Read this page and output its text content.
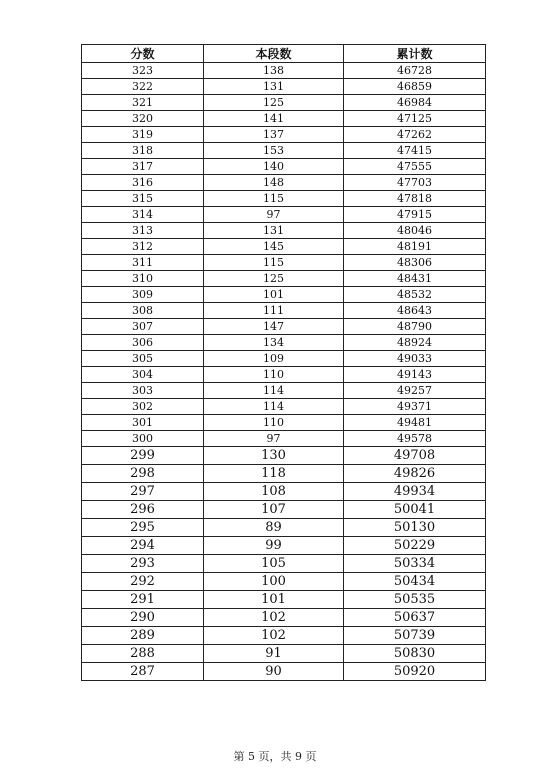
分数	本段数	累计数
323	138	46728
322	131	46859
321	125	46984
320	141	47125
319	137	47262
318	153	47415
317	140	47555
316	148	47703
315	115	47818
314	97	47915
313	131	48046
312	145	48191
311	115	48306
310	125	48431
309	101	48532
308	111	48643
307	147	48790
306	134	48924
305	109	49033
304	110	49143
303	114	49257
302	114	49371
301	110	49481
300	97	49578
299	130	49708
298	118	49826
297	108	49934
296	107	50041
295	89	50130
294	99	50229
293	105	50334
292	100	50434
291	101	50535
290	102	50637
289	102	50739
288	91	50830
287	90	50920
第 5 页，共 9 页
